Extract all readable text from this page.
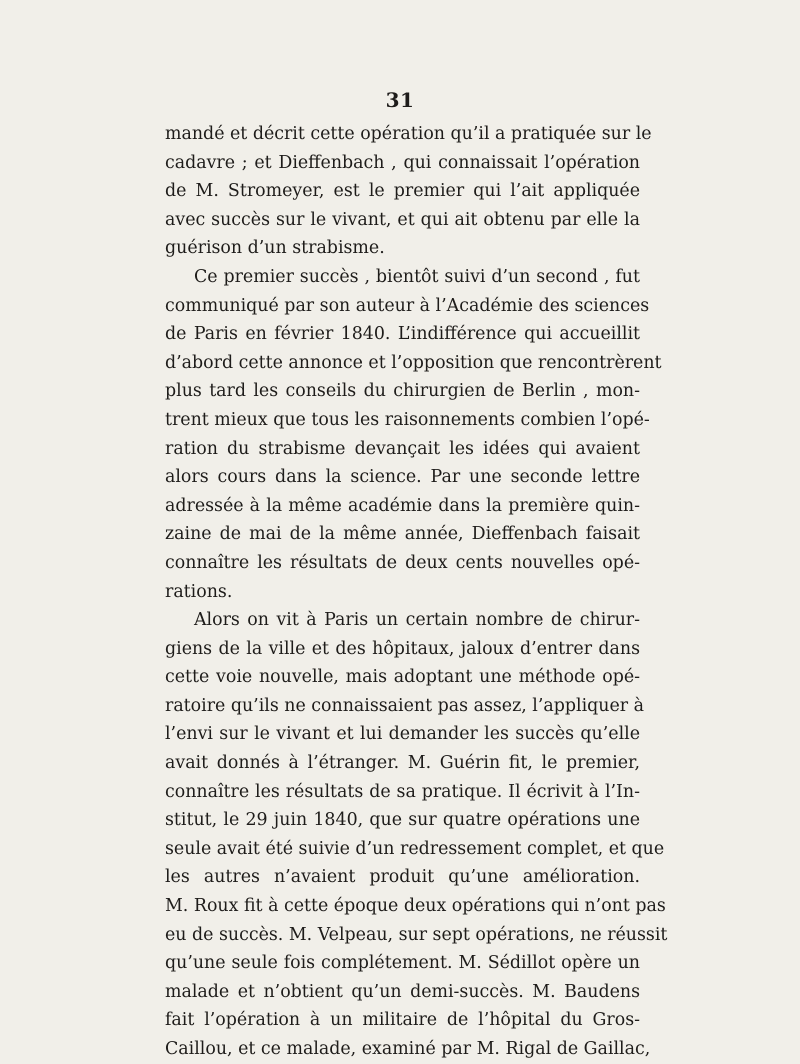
31
mandé et décrit cette opération qu’il a pratiquée sur le
cadavre ; et Dieffenbach , qui connaissait l’opération
de M. Stromeyer, est le premier qui l’ait appliquée
avec succès sur le vivant, et qui ait obtenu par elle la
guérison d’un strabisme.
Ce premier succès , bientôt suivi d’un second , fut
communiqué par son auteur à l’Académie des sciences
de Paris en février 1840. L’indifférence qui accueillit
d’abord cette annonce et l’opposition que rencontrèrent
plus tard les conseils du chirurgien de Berlin , mon-
trent mieux que tous les raisonnements combien l’opé-
ration du strabisme devançait les idées qui avaient
alors cours dans la science. Par une seconde lettre
adressée à la même académie dans la première quin-
zaine de mai de la même année, Dieffenbach faisait
connaître les résultats de deux cents nouvelles opé-
rations.
Alors on vit à Paris un certain nombre de chirur-
giens de la ville et des hôpitaux, jaloux d’entrer dans
cette voie nouvelle, mais adoptant une méthode opé-
ratoire qu’ils ne connaissaient pas assez, l’appliquer à
l’envi sur le vivant et lui demander les succès qu’elle
avait donnés à l’étranger. M. Guérin fit, le premier,
connaître les résultats de sa pratique. Il écrivit à l’In-
stitut, le 29 juin 1840, que sur quatre opérations une
seule avait été suivie d’un redressement complet, et que
les autres n’avaient produit qu’une amélioration.
M. Roux fit à cette époque deux opérations qui n’ont pas
eu de succès. M. Velpeau, sur sept opérations, ne réussit
qu’une seule fois complétement. M. Sédillot opère un
malade et n’obtient qu’un demi-succès. M. Baudens
fait l’opération à un militaire de l’hôpital du Gros-
Caillou, et ce malade, examiné par M. Rigal de Gaillac,
